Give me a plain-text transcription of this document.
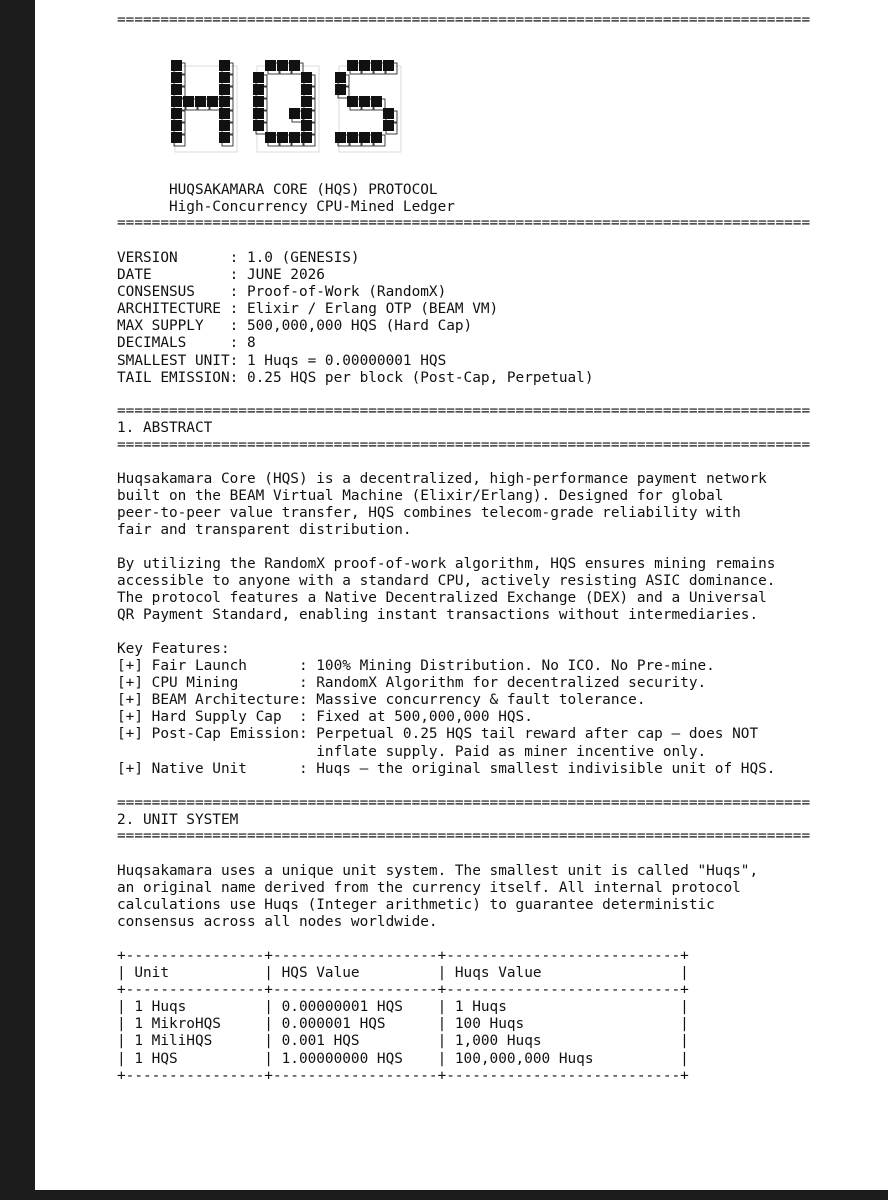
================================================================================
HUQSAKAMARA CORE (HQS) PROTOCOL
High-Concurrency CPU-Mined Ledger
================================================================================
VERSION      : 1.0 (GENESIS)
DATE         : JUNE 2026
CONSENSUS    : Proof-of-Work (RandomX)
ARCHITECTURE : Elixir / Erlang OTP (BEAM VM)
MAX SUPPLY   : 500,000,000 HQS (Hard Cap)
DECIMALS     : 8
SMALLEST UNIT: 1 Huqs = 0.00000001 HQS
TAIL EMISSION: 0.25 HQS per block (Post-Cap, Perpetual)
================================================================================
1. ABSTRACT
================================================================================
Huqsakamara Core (HQS) is a decentralized, high-performance payment network
built on the BEAM Virtual Machine (Elixir/Erlang). Designed for global
peer-to-peer value transfer, HQS combines telecom-grade reliability with
fair and transparent distribution.
By utilizing the RandomX proof-of-work algorithm, HQS ensures mining remains
accessible to anyone with a standard CPU, actively resisting ASIC dominance.
The protocol features a Native Decentralized Exchange (DEX) and a Universal
QR Payment Standard, enabling instant transactions without intermediaries.
Key Features:
[+] Fair Launch      : 100% Mining Distribution. No ICO. No Pre-mine.
[+] CPU Mining       : RandomX Algorithm for decentralized security.
[+] BEAM Architecture: Massive concurrency & fault tolerance.
[+] Hard Supply Cap  : Fixed at 500,000,000 HQS.
[+] Post-Cap Emission: Perpetual 0.25 HQS tail reward after cap — does NOT
inflate supply. Paid as miner incentive only.
[+] Native Unit      : Huqs — the original smallest indivisible unit of HQS.
================================================================================
2. UNIT SYSTEM
================================================================================
Huqsakamara uses a unique unit system. The smallest unit is called "Huqs",
an original name derived from the currency itself. All internal protocol
calculations use Huqs (Integer arithmetic) to guarantee deterministic
consensus across all nodes worldwide.
+----------------+-------------------+---------------------------+
| Unit           | HQS Value         | Huqs Value                |
+----------------+-------------------+---------------------------+
| 1 Huqs         | 0.00000001 HQS    | 1 Huqs                    |
| 1 MikroHQS     | 0.000001 HQS      | 100 Huqs                  |
| 1 MiliHQS      | 0.001 HQS         | 1,000 Huqs                |
| 1 HQS          | 1.00000000 HQS    | 100,000,000 Huqs          |
+----------------+-------------------+---------------------------+
